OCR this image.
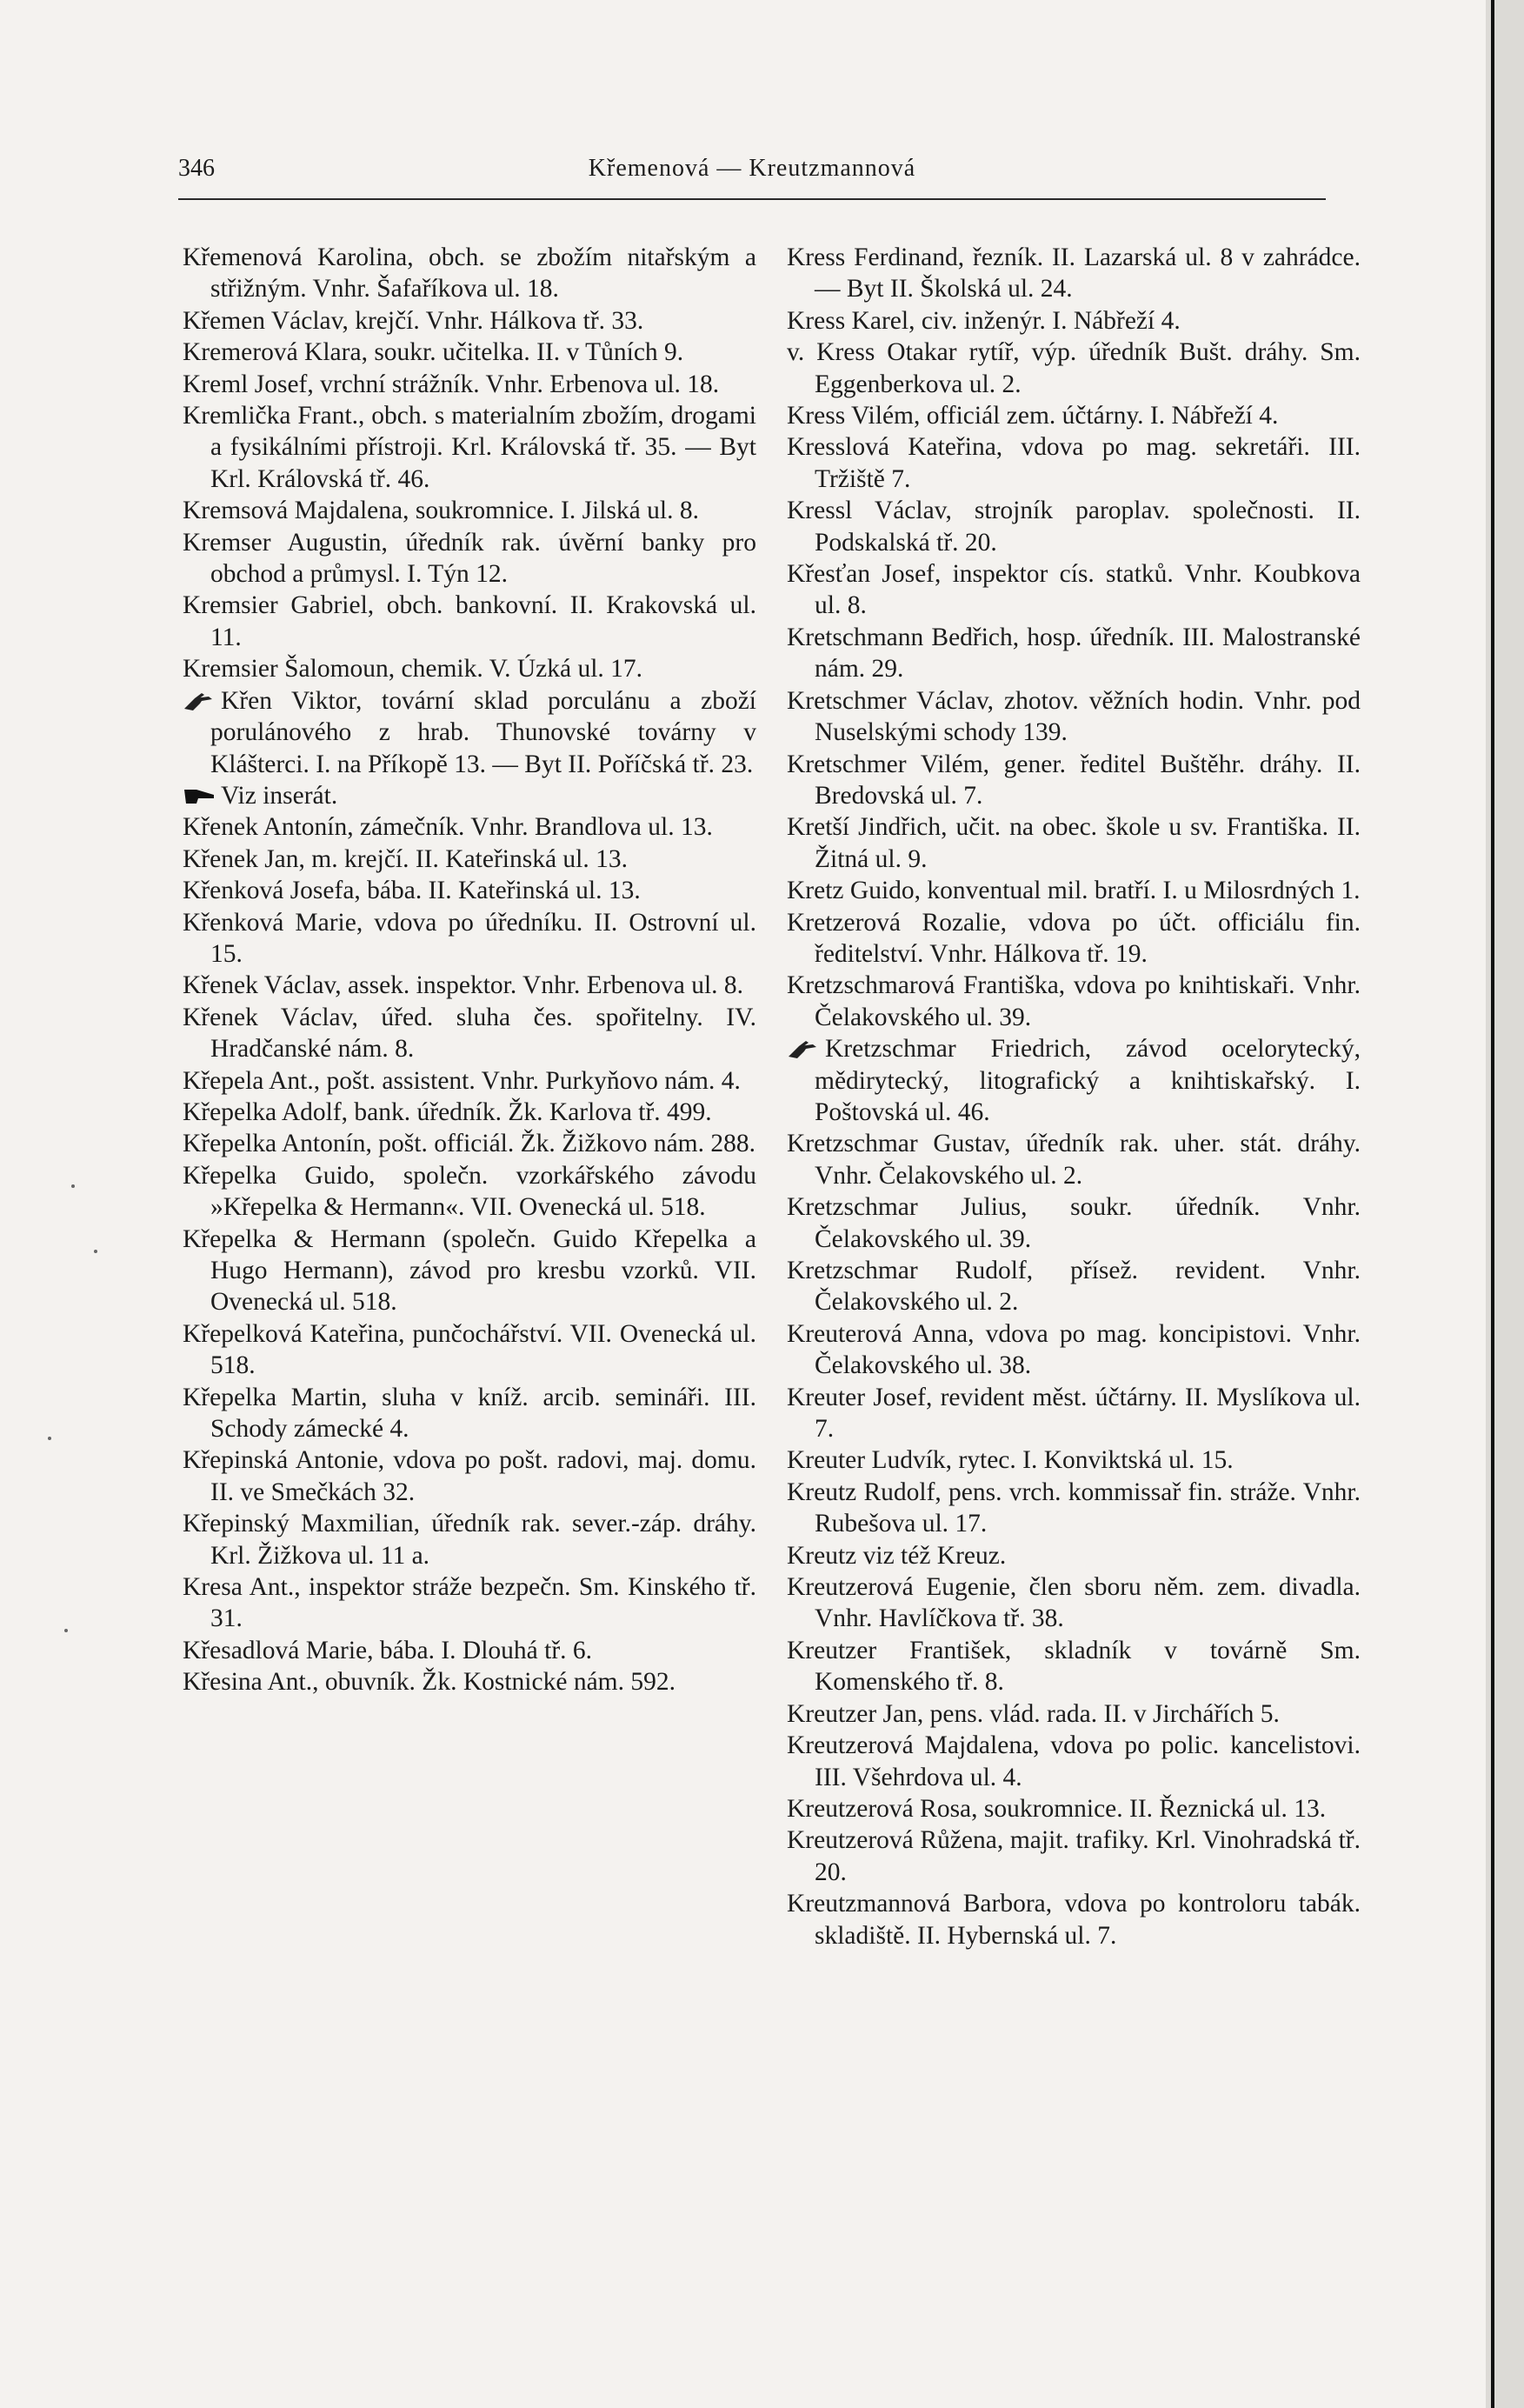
346	Křemenová — Kreutzmannová

Křemenová Karolina, obch. se zbožím nitařským a střižným. Vnhr. Šafaříkova ul. 18.

Křemen Václav, krejčí. Vnhr. Hálkova tř. 33.

Kremerová Klara, soukr. učitelka. II. v Tůních 9.

Kreml Josef, vrchní strážník. Vnhr. Erbenova ul. 18.

Kremlička Frant., obch. s materialním zbožím, drogami a fysikálními přístroji. Krl. Královská tř. 35. — Byt Krl. Královská tř. 46.

Kremsová Majdalena, soukromnice. I. Jilská ul. 8.

Kremser Augustin, úředník rak. úvěrní banky pro obchod a průmysl. I. Týn 12.

Kremsier Gabriel, obch. bankovní. II. Krakovská ul. 11.

Kremsier Šalomoun, chemik. V. Úzká ul. 17.

Křen Viktor, tovární sklad porculánu a zboží porulánového z hrab. Thunovské továrny v Klášterci. I. na Příkopě 13. — Byt II. Poříčská tř. 23.

Viz inserát.

Křenek Antonín, zámečník. Vnhr. Brandlova ul. 13.

Křenek Jan, m. krejčí. II. Kateřinská ul. 13.

Křenková Josefa, bába. II. Kateřinská ul. 13.

Křenková Marie, vdova po úředníku. II. Ostrovní ul. 15.

Křenek Václav, assek. inspektor. Vnhr. Erbenova ul. 8.

Křenek Václav, úřed. sluha čes. spořitelny. IV. Hradčanské nám. 8.

Křepela Ant., pošt. assistent. Vnhr. Purkyňovo nám. 4.

Křepelka Adolf, bank. úředník. Žk. Karlova tř. 499.

Křepelka Antonín, pošt. officiál. Žk. Žižkovo nám. 288.

Křepelka Guido, společn. vzorkářského závodu »Křepelka & Hermann«. VII. Ovenecká ul. 518.

Křepelka & Hermann (společn. Guido Křepelka a Hugo Hermann), závod pro kresbu vzorků. VII. Ovenecká ul. 518.

Křepelková Kateřina, punčochářství. VII. Ovenecká ul. 518.

Křepelka Martin, sluha v kníž. arcib. semináři. III. Schody zámecké 4.

Křepinská Antonie, vdova po pošt. radovi, maj. domu. II. ve Smečkách 32.

Křepinský Maxmilian, úředník rak. sever.-záp. dráhy. Krl. Žižkova ul. 11 a.

Kresa Ant., inspektor stráže bezpečn. Sm. Kinského tř. 31.

Křesadlová Marie, bába. I. Dlouhá tř. 6.

Křesina Ant., obuvník. Žk. Kostnické nám. 592.

Kress Ferdinand, řezník. II. Lazarská ul. 8 v zahrádce. — Byt II. Školská ul. 24.

Kress Karel, civ. inženýr. I. Nábřeží 4.

v. Kress Otakar rytíř, výp. úředník Bušt. dráhy. Sm. Eggenberkova ul. 2.

Kress Vilém, officiál zem. účtárny. I. Nábřeží 4.

Kresslová Kateřina, vdova po mag. sekretáři. III. Tržiště 7.

Kressl Václav, strojník paroplav. společnosti. II. Podskalská tř. 20.

Křesťan Josef, inspektor cís. statků. Vnhr. Koubkova ul. 8.

Kretschmann Bedřich, hosp. úředník. III. Malostranské nám. 29.

Kretschmer Václav, zhotov. věžních hodin. Vnhr. pod Nuselskými schody 139.

Kretschmer Vilém, gener. ředitel Buštěhr. dráhy. II. Bredovská ul. 7.

Kretší Jindřich, učit. na obec. škole u sv. Františka. II. Žitná ul. 9.

Kretz Guido, konventual mil. bratří. I. u Milosrdných 1.

Kretzerová Rozalie, vdova po účt. officiálu fin. ředitelství. Vnhr. Hálkova tř. 19.

Kretzschmarová Františka, vdova po knihtiskaři. Vnhr. Čelakovského ul. 39.

Kretzschmar Friedrich, závod ocelorytecký, mědirytecký, litografický a knihtiskařský. I. Poštovská ul. 46.

Kretzschmar Gustav, úředník rak. uher. stát. dráhy. Vnhr. Čelakovského ul. 2.

Kretzschmar Julius, soukr. úředník. Vnhr. Čelakovského ul. 39.

Kretzschmar Rudolf, přísež. revident. Vnhr. Čelakovského ul. 2.

Kreuterová Anna, vdova po mag. koncipistovi. Vnhr. Čelakovského ul. 38.

Kreuter Josef, revident měst. účtárny. II. Myslíkova ul. 7.

Kreuter Ludvík, rytec. I. Konviktská ul. 15.

Kreutz Rudolf, pens. vrch. kommissař fin. stráže. Vnhr. Rubešova ul. 17.

Kreutz viz též Kreuz.

Kreutzerová Eugenie, člen sboru něm. zem. divadla. Vnhr. Havlíčkova tř. 38.

Kreutzer František, skladník v továrně Sm. Komenského tř. 8.

Kreutzer Jan, pens. vlád. rada. II. v Jirchářích 5.

Kreutzerová Majdalena, vdova po polic. kancelistovi. III. Všehrdova ul. 4.

Kreutzerová Rosa, soukromnice. II. Řeznická ul. 13.

Kreutzerová Růžena, majit. trafiky. Krl. Vinohradská tř. 20.

Kreutzmannová Barbora, vdova po kontroloru tabák. skladiště. II. Hybernská ul. 7.
